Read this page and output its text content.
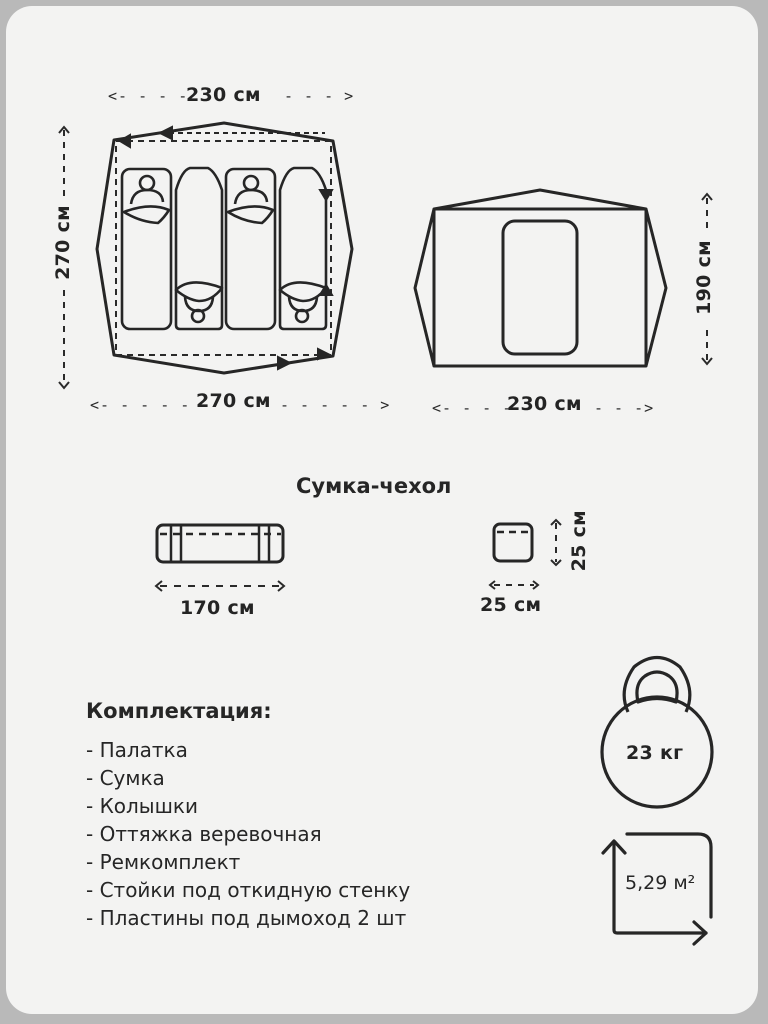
<- - - -
230 см - - - >
270 см
<- - - - - -
270 см - - - - - >
190 см
<- - - -
230 см - - ->
Сумка-чехол
170 см	25 см
25 см
Комплектация:
- Палатка
- Сумка
- Колышки
- Оттяжка веревочная
- Ремкомплект
- Стойки под откидную стенку
- Пластины под дымоход 2 шт
23 кг
5,29 м²
